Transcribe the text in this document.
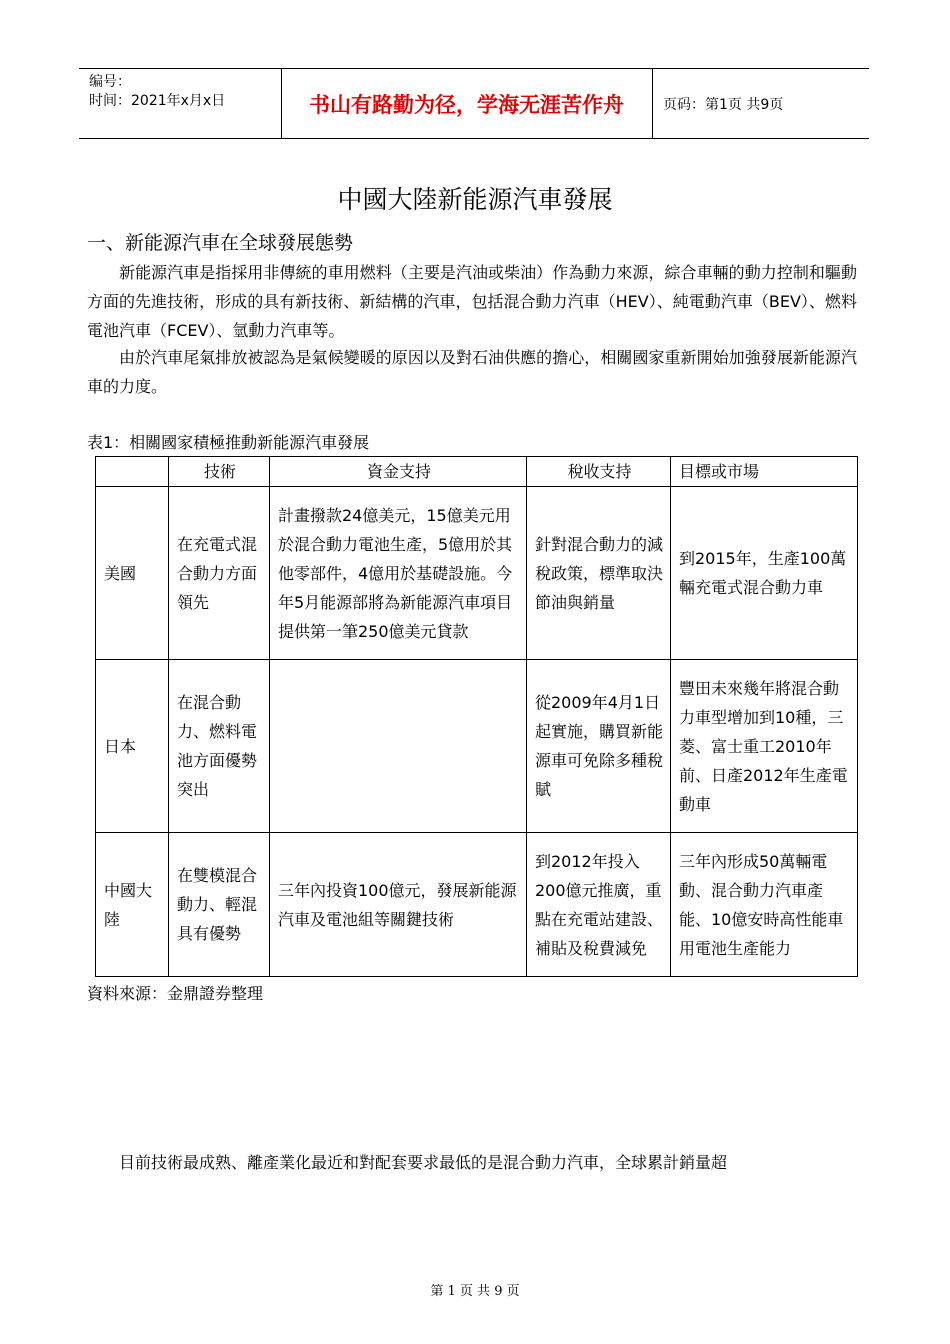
编号：
时间：2021年x月x日	书山有路勤为径，学海无涯苦作舟	页码：第1页 共9页
中國大陸新能源汽車發展
一、新能源汽車在全球發展態勢
新能源汽車是指採用非傳統的車用燃料（主要是汽油或柴油）作為動力來源，綜合車輛的動力控制和驅動方面的先進技術，形成的具有新技術、新結構的汽車，包括混合動力汽車（HEV）、純電動汽車（BEV）、燃料電池汽車（FCEV）、氫動力汽車等。
由於汽車尾氣排放被認為是氣候變暖的原因以及對石油供應的擔心，相關國家重新開始加強發展新能源汽車的力度。
表1：相關國家積極推動新能源汽車發展
	技術	資金支持	稅收支持	目標或市場
美國	在充電式混合動力方面領先	計畫撥款24億美元，15億美元用於混合動力電池生產，5億用於其他零部件，4億用於基礎設施。今年5月能源部將為新能源汽車項目提供第一筆250億美元貸款	針對混合動力的減稅政策，標準取決節油與銷量	到2015年，生產100萬輛充電式混合動力車
日本	在混合動力、燃料電池方面優勢突出		從2009年4月1日起實施，購買新能源車可免除多種稅賦	豐田未來幾年將混合動力車型增加到10種，三菱、富士重工2010年前、日產2012年生產電動車
中國大陸	在雙模混合動力、輕混具有優勢	三年內投資100億元，發展新能源汽車及電池組等關鍵技術	到2012年投入200億元推廣，重點在充電站建設、補貼及稅費減免	三年內形成50萬輛電動、混合動力汽車產能、10億安時高性能車用電池生產能力
資料來源：金鼎證券整理
目前技術最成熟、離產業化最近和對配套要求最低的是混合動力汽車，全球累計銷量超
第 1 页 共 9 页
